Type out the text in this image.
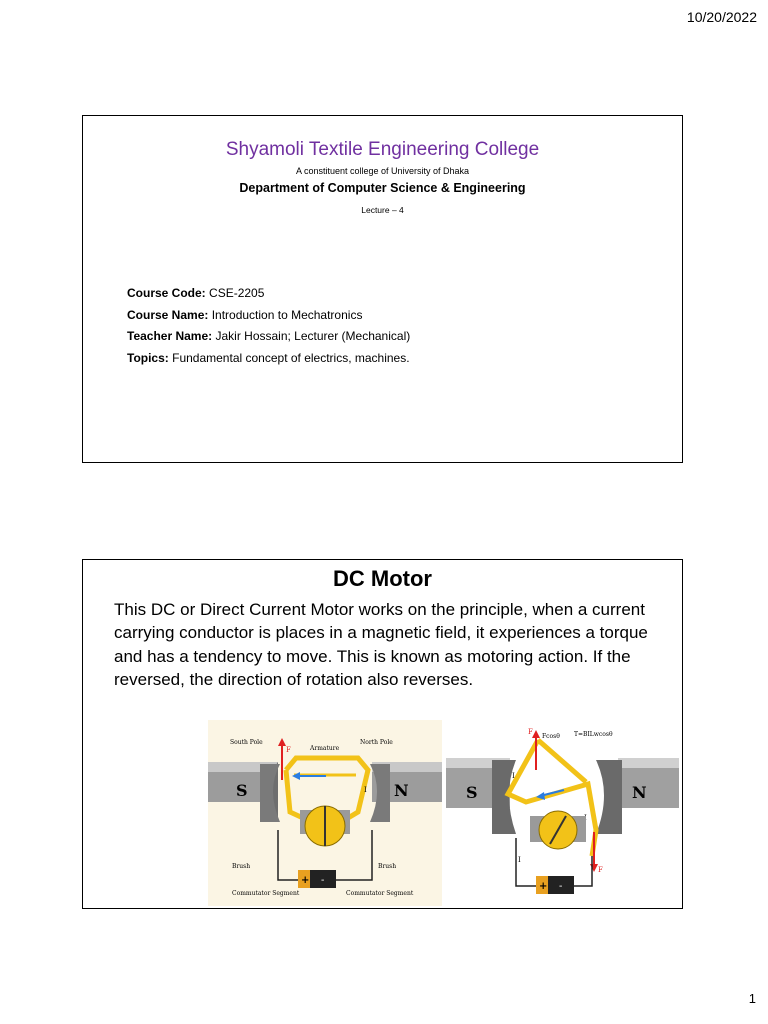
10/20/2022
Shyamoli Textile Engineering College
A constituent college of University of Dhaka
Department of Computer Science & Engineering
Lecture – 4
Course Code: CSE-2205
Course Name: Introduction to Mechatronics
Teacher Name: Jakir Hossain; Lecturer (Mechanical)
Topics: Fundamental concept of electrics, machines.
DC Motor
This DC or Direct Current Motor works on the principle, when a current carrying conductor is places in a magnetic field, it experiences a torque and has a tendency to move. This is known as motoring action. If the reversed, the direction of rotation also reverses.
S	N
F
I
+ -
South Pole	North Pole
Armature
Brush	Brush
Commutator Segment	Commutator Segment
S	N
F
F
Fcosθ T=BILwcosθ
I
I
+ -
1
